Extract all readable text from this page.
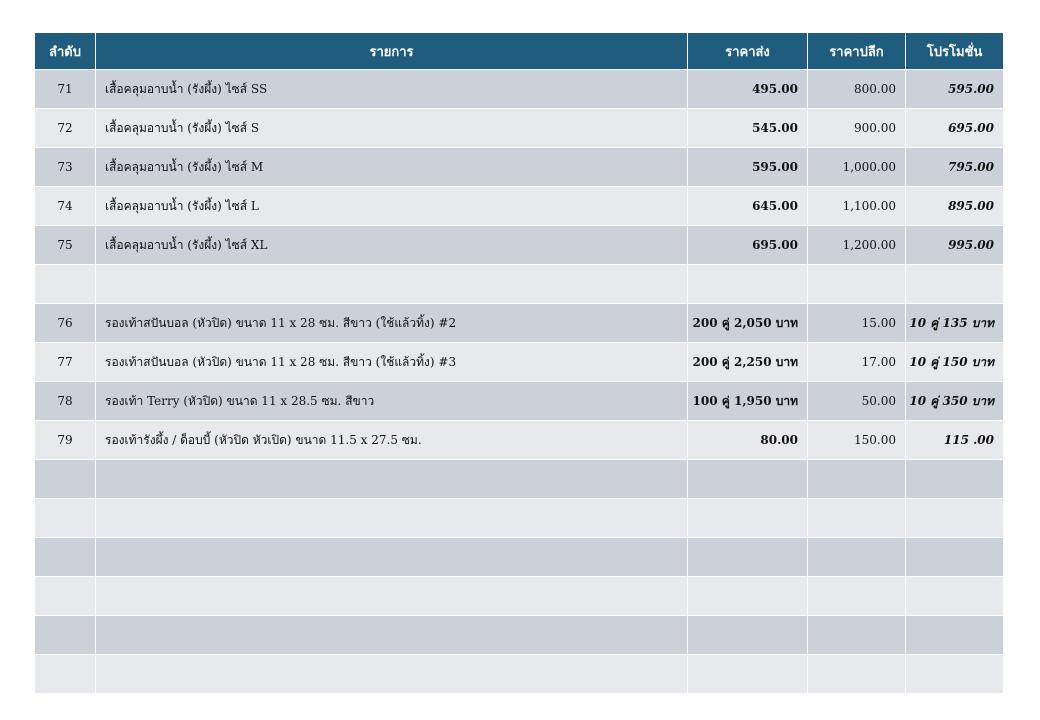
ลำดับ	รายการ	ราคาส่ง	ราคาปลีก	โปรโมชั่น
71	เสื้อคลุมอาบน้ำ (รังผึ้ง) ไซส์ SS	495.00	800.00	595.00
72	เสื้อคลุมอาบน้ำ (รังผึ้ง) ไซส์ S	545.00	900.00	695.00
73	เสื้อคลุมอาบน้ำ (รังผึ้ง) ไซส์ M	595.00	1,000.00	795.00
74	เสื้อคลุมอาบน้ำ (รังผึ้ง) ไซส์ L	645.00	1,100.00	895.00
75	เสื้อคลุมอาบน้ำ (รังผึ้ง) ไซส์ XL	695.00	1,200.00	995.00

76	รองเท้าสปันบอล (หัวปิด) ขนาด 11 x 28 ซม. สีขาว (ใช้แล้วทิ้ง) #2	200 คู่ 2,050 บาท	15.00	10 คู่ 135 บาท
77	รองเท้าสปันบอล (หัวปิด) ขนาด 11 x 28 ซม. สีขาว (ใช้แล้วทิ้ง) #3	200 คู่ 2,250 บาท	17.00	10 คู่ 150 บาท
78	รองเท้า Terry (หัวปิด) ขนาด 11 x 28.5 ซม. สีขาว	100 คู่ 1,950 บาท	50.00	10 คู่ 350 บาท
79	รองเท้ารังผึ้ง / ด็อบบี้ (หัวปิด หัวเปิด) ขนาด 11.5 x 27.5 ซม.	80.00	150.00	115 .00
